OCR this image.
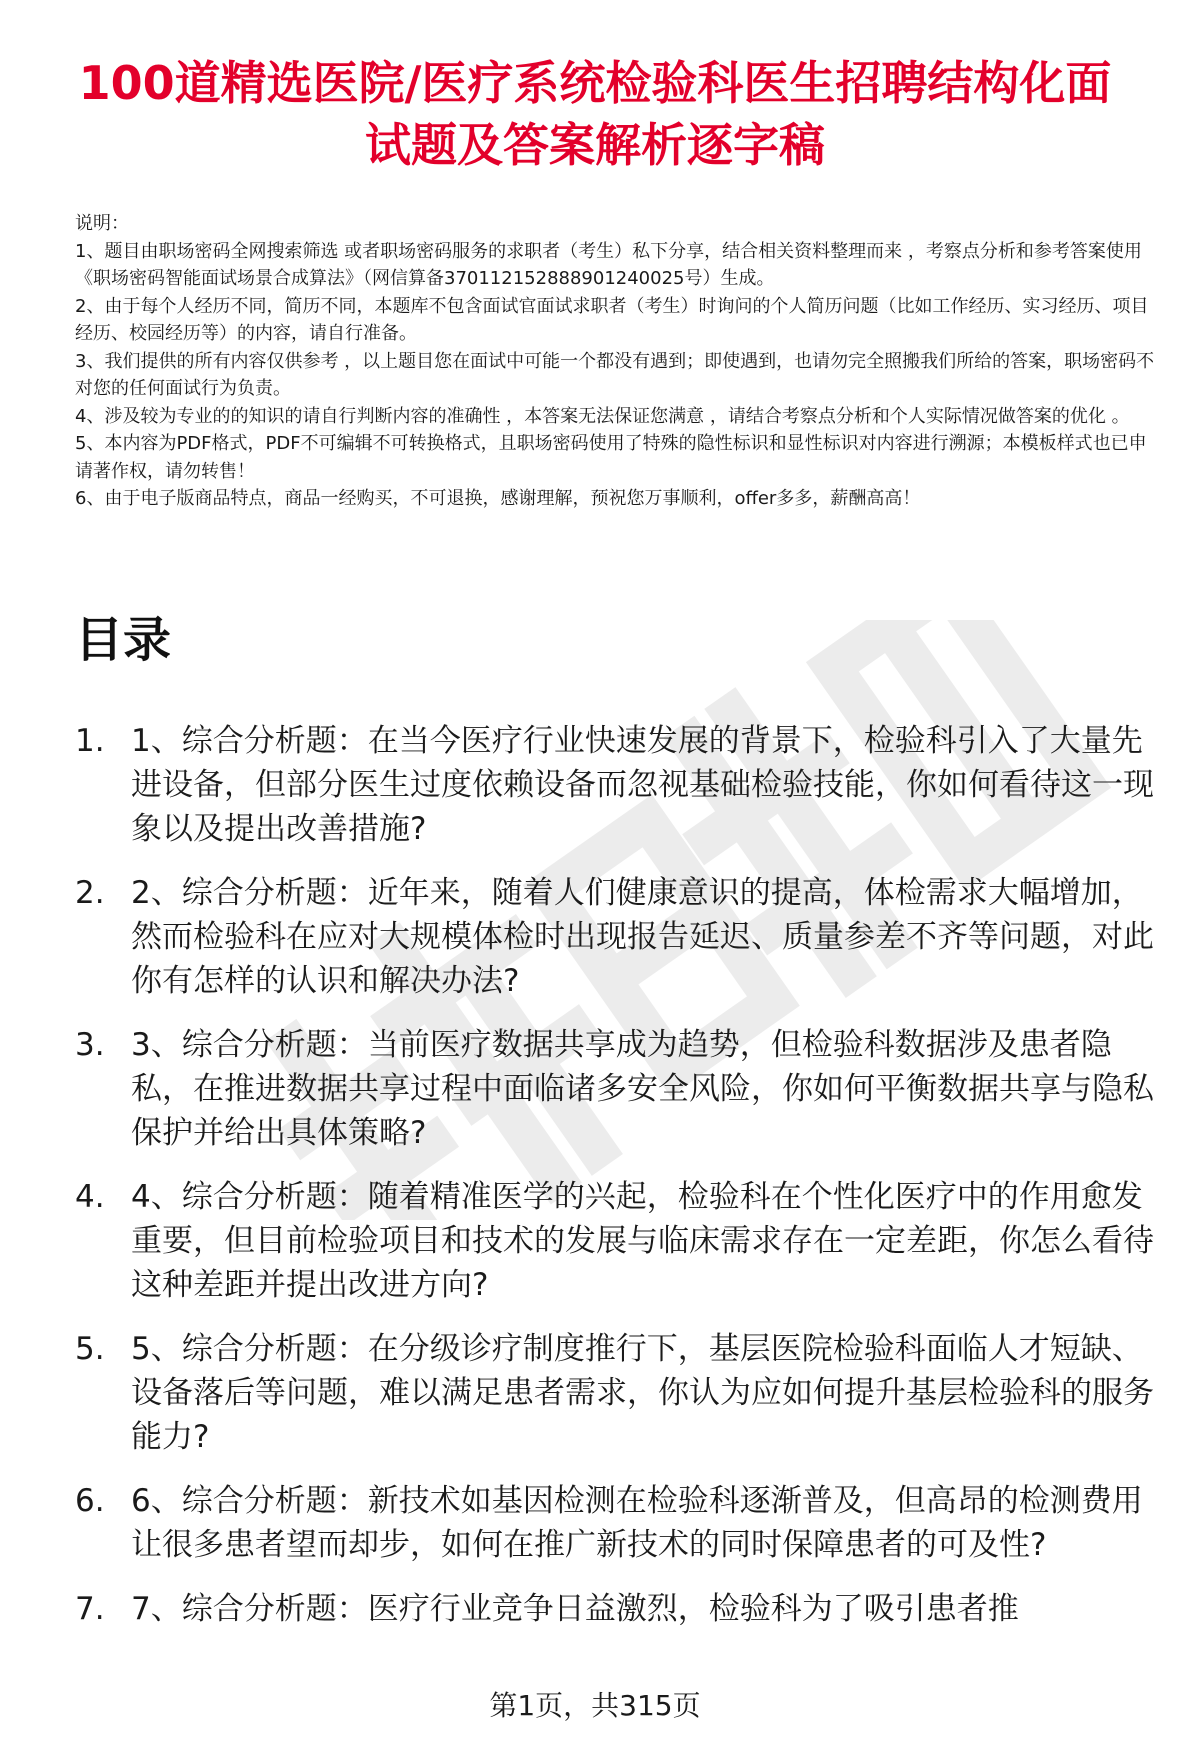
100道精选医院/医疗系统检验科医生招聘结构化面试题及答案解析逐字稿

说明：

1、题目由职场密码全网搜索筛选 或者职场密码服务的求职者（考生）私下分享，结合相关资料整理而来 ，考察点分析和参考答案使用《职场密码智能面试场景合成算法》（网信算备370112152888901240025号）生成。

2、由于每个人经历不同，简历不同，本题库不包含面试官面试求职者（考生）时询问的个人简历问题（比如工作经历、实习经历、项目经历、校园经历等）的内容，请自行准备。

3、我们提供的所有内容仅供参考 ，以上题目您在面试中可能一个都没有遇到；即使遇到，也请勿完全照搬我们所给的答案，职场密码不对您的任何面试行为负责。

4、涉及较为专业的的知识的请自行判断内容的准确性 ，本答案无法保证您满意 ，请结合考察点分析和个人实际情况做答案的优化 。

5、本内容为PDF格式，PDF不可编辑不可转换格式，且职场密码使用了特殊的隐性标识和显性标识对内容进行溯源；本模板样式也已申请著作权，请勿转售！

6、由于电子版商品特点，商品一经购买，不可退换，感谢理解，预祝您万事顺利，offer多多，薪酬高高！

目录
1. 1、综合分析题：在当今医疗行业快速发展的背景下，检验科引入了大量先进设备，但部分医生过度依赖设备而忽视基础检验技能，你如何看待这一现象以及提出改善措施?
2. 2、综合分析题：近年来，随着人们健康意识的提高，体检需求大幅增加，然而检验科在应对大规模体检时出现报告延迟、质量参差不齐等问题，对此你有怎样的认识和解决办法?
3. 3、综合分析题：当前医疗数据共享成为趋势，但检验科数据涉及患者隐私，在推进数据共享过程中面临诸多安全风险，你如何平衡数据共享与隐私保护并给出具体策略?
4. 4、综合分析题：随着精准医学的兴起，检验科在个性化医疗中的作用愈发重要，但目前检验项目和技术的发展与临床需求存在一定差距，你怎么看待这种差距并提出改进方向?
5. 5、综合分析题：在分级诊疗制度推行下，基层医院检验科面临人才短缺、设备落后等问题，难以满足患者需求，你认为应如何提升基层检验科的服务能力?
6. 6、综合分析题：新技术如基因检测在检验科逐渐普及，但高昂的检测费用让很多患者望而却步，如何在推广新技术的同时保障患者的可及性?
7. 7、综合分析题：医疗行业竞争日益激烈，检验科为了吸引患者推
第1页，共315页
